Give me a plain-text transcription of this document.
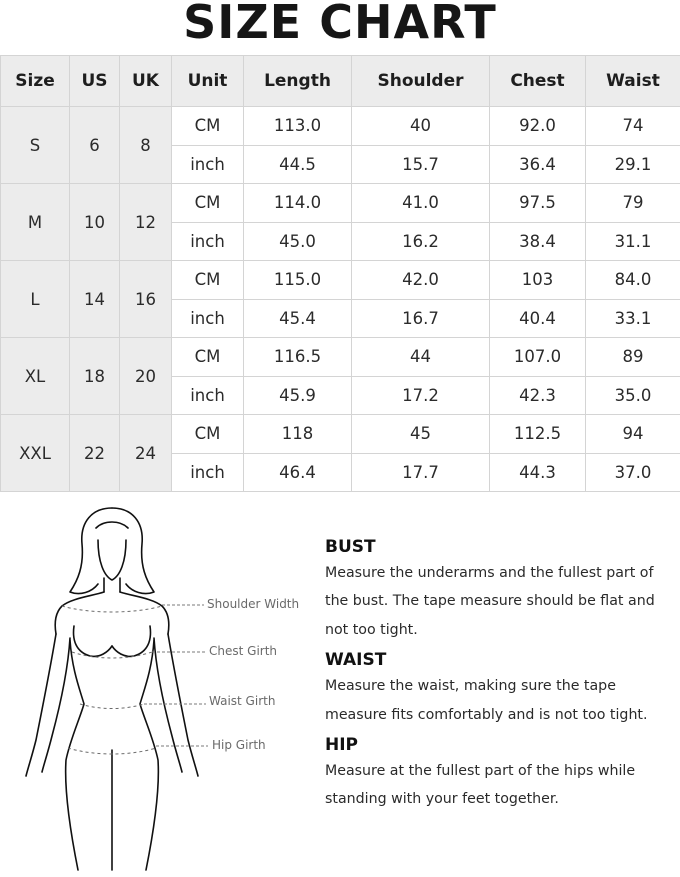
SIZE CHART
Size	US	UK	Unit	Length	Shoulder	Chest	Waist
S	6	8	CM	113.0	40	92.0	74
			inch	44.5	15.7	36.4	29.1
M	10	12	CM	114.0	41.0	97.5	79
			inch	45.0	16.2	38.4	31.1
L	14	16	CM	115.0	42.0	103	84.0
			inch	45.4	16.7	40.4	33.1
XL	18	20	CM	116.5	44	107.0	89
			inch	45.9	17.2	42.3	35.0
XXL	22	24	CM	118	45	112.5	94
			inch	46.4	17.7	44.3	37.0
Shoulder Width
Chest Girth
Waist Girth
Hip Girth
BUST

Measure the underarms and the fullest part of the bust. The tape measure should be flat and not too tight.

WAIST

Measure the waist, making sure the tape measure fits comfortably and is not too tight.

HIP

Measure at the fullest part of the hips while standing with your feet together.
